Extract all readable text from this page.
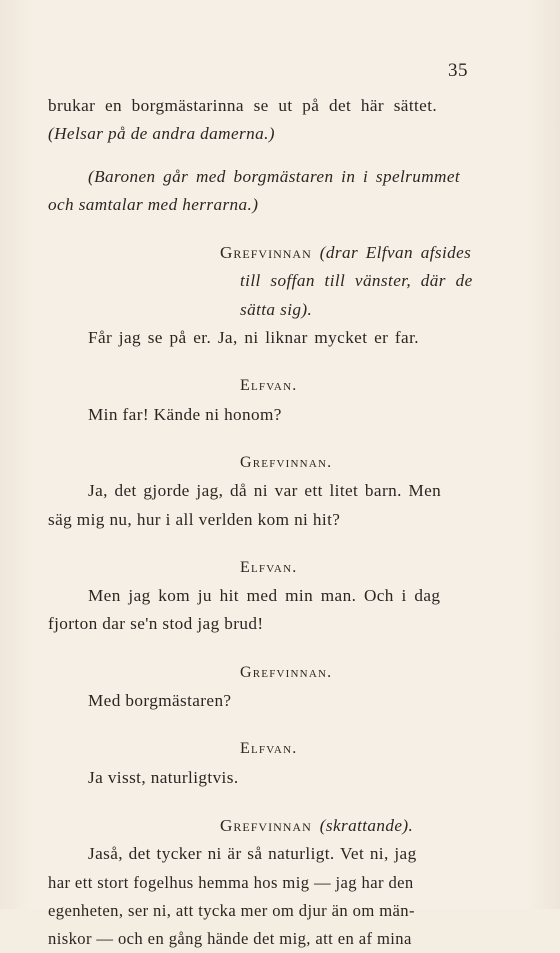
35
brukar en borgmästarinna se ut på det här sättet.
(Helsar på de andra damerna.)
(Baronen går med borgmästaren in i spelrummet
och samtalar med herrarna.)
Grefvinnan (drar Elfvan afsides
till soffan till vänster, där de
sätta sig).
Får jag se på er. Ja, ni liknar mycket er far.
Elfvan.
Min far! Kände ni honom?
Grefvinnan.
Ja, det gjorde jag, då ni var ett litet barn. Men
säg mig nu, hur i all verlden kom ni hit?
Elfvan.
Men jag kom ju hit med min man. Och i dag
fjorton dar se'n stod jag brud!
Grefvinnan.
Med borgmästaren?
Elfvan.
Ja visst, naturligtvis.
Grefvinnan (skrattande).
Jaså, det tycker ni är så naturligt. Vet ni, jag
har ett stort fogelhus hemma hos mig — jag har den
egenheten, ser ni, att tycka mer om djur än om män-
niskor — och en gång hände det mig, att en af mina
